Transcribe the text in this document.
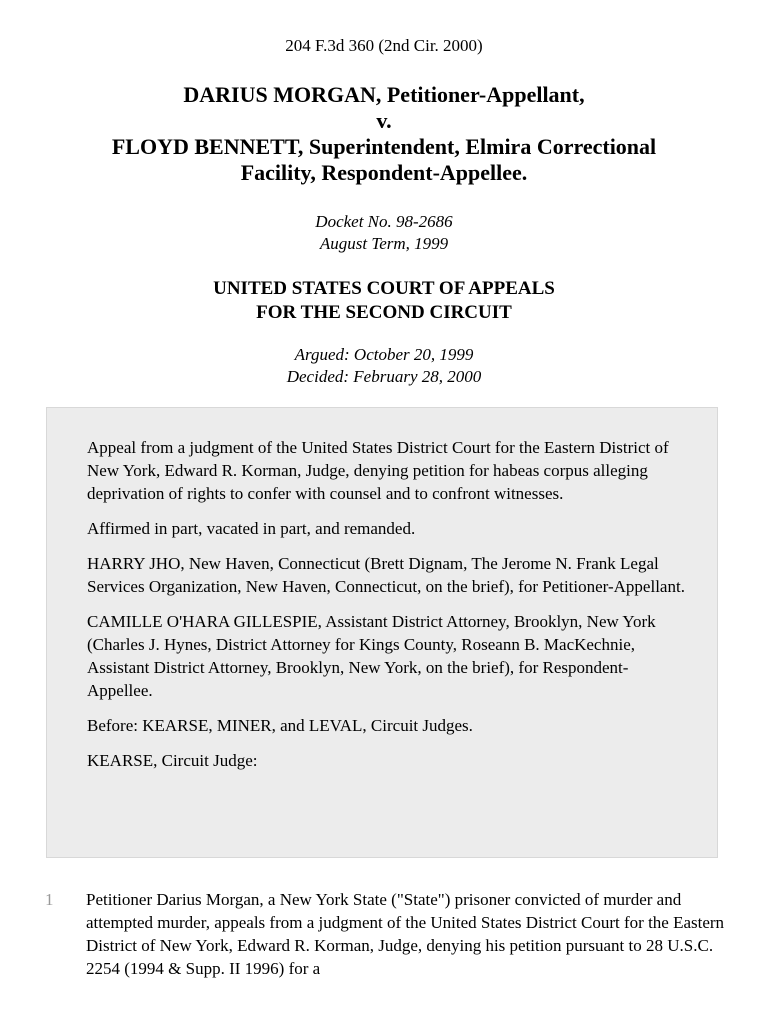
204 F.3d 360 (2nd Cir. 2000)
DARIUS MORGAN, Petitioner-Appellant,
v.
FLOYD BENNETT, Superintendent, Elmira Correctional
Facility, Respondent-Appellee.
Docket No. 98-2686
August Term, 1999
UNITED STATES COURT OF APPEALS
FOR THE SECOND CIRCUIT
Argued: October 20, 1999
Decided: February 28, 2000

Appeal from a judgment of the United States District Court for the Eastern District of New York, Edward R. Korman, Judge, denying petition for habeas corpus alleging deprivation of rights to confer with counsel and to confront witnesses.

Affirmed in part, vacated in part, and remanded.

HARRY JHO, New Haven, Connecticut (Brett Dignam, The Jerome N. Frank Legal Services Organization, New Haven, Connecticut, on the brief), for Petitioner-Appellant.

CAMILLE O'HARA GILLESPIE, Assistant District Attorney, Brooklyn, New York (Charles J. Hynes, District Attorney for Kings County, Roseann B. MacKechnie, Assistant District Attorney, Brooklyn, New York, on the brief), for Respondent-Appellee.

Before: KEARSE, MINER, and LEVAL, Circuit Judges.

KEARSE, Circuit Judge:

1 Petitioner Darius Morgan, a New York State ("State") prisoner convicted of murder and attempted murder, appeals from a judgment of the United States District Court for the Eastern District of New York, Edward R. Korman, Judge, denying his petition pursuant to 28 U.S.C. 2254 (1994 & Supp. II 1996) for a
